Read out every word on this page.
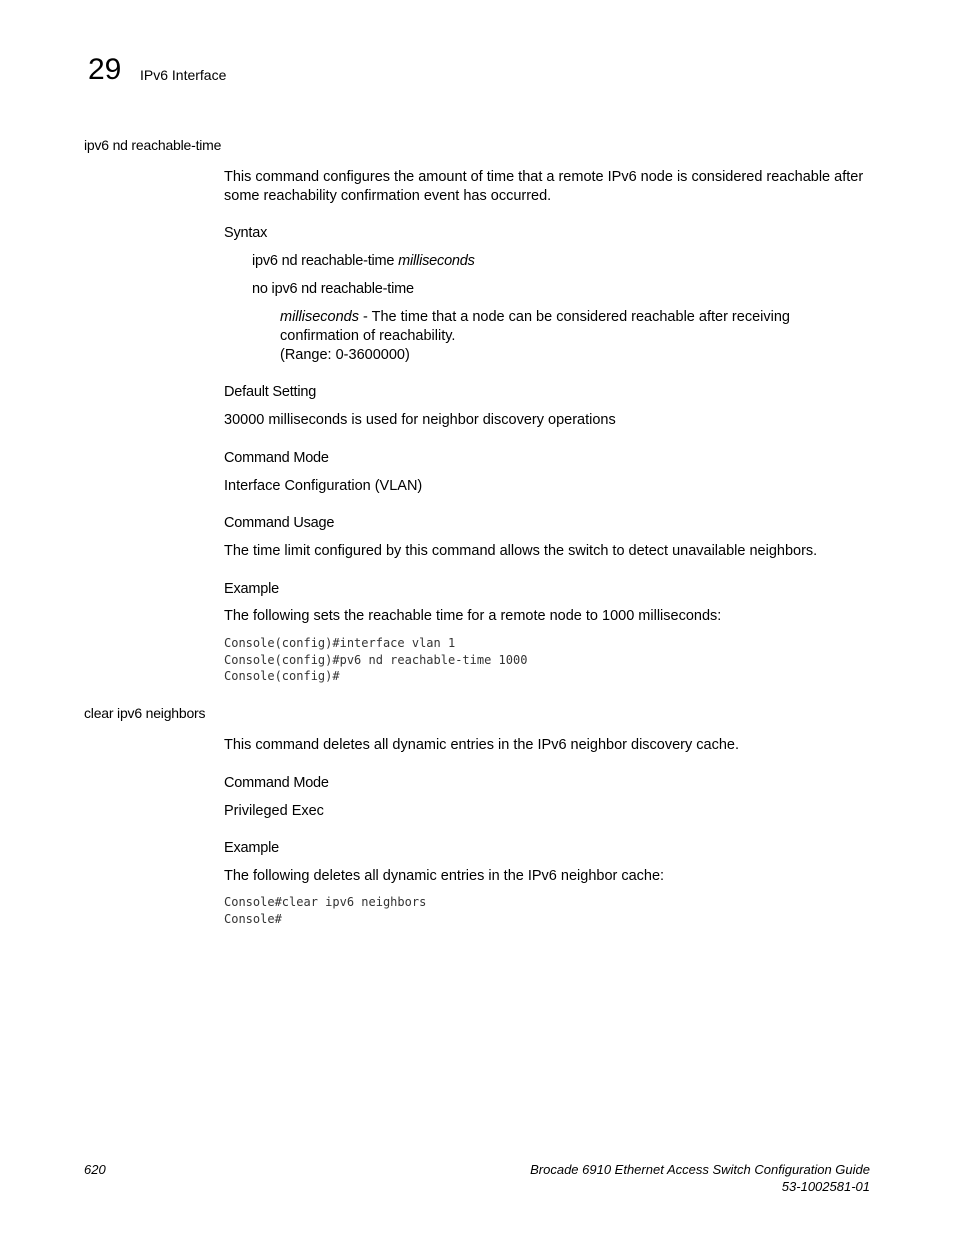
29 IPv6 Interface
ipv6 nd reachable-time
This command configures the amount of time that a remote IPv6 node is considered reachable after some reachability confirmation event has occurred.
Syntax
ipv6 nd reachable-time milliseconds
no ipv6 nd reachable-time
milliseconds - The time that a node can be considered reachable after receiving confirmation of reachability.
(Range: 0-3600000)
Default Setting
30000 milliseconds is used for neighbor discovery operations
Command Mode
Interface Configuration (VLAN)
Command Usage
The time limit configured by this command allows the switch to detect unavailable neighbors.
Example
The following sets the reachable time for a remote node to 1000 milliseconds:
Console(config)#interface vlan 1
Console(config)#pv6 nd reachable-time 1000
Console(config)#
clear ipv6 neighbors
This command deletes all dynamic entries in the IPv6 neighbor discovery cache.
Command Mode
Privileged Exec
Example
The following deletes all dynamic entries in the IPv6 neighbor cache:
Console#clear ipv6 neighbors
Console#
620	Brocade 6910 Ethernet Access Switch Configuration Guide
53-1002581-01
